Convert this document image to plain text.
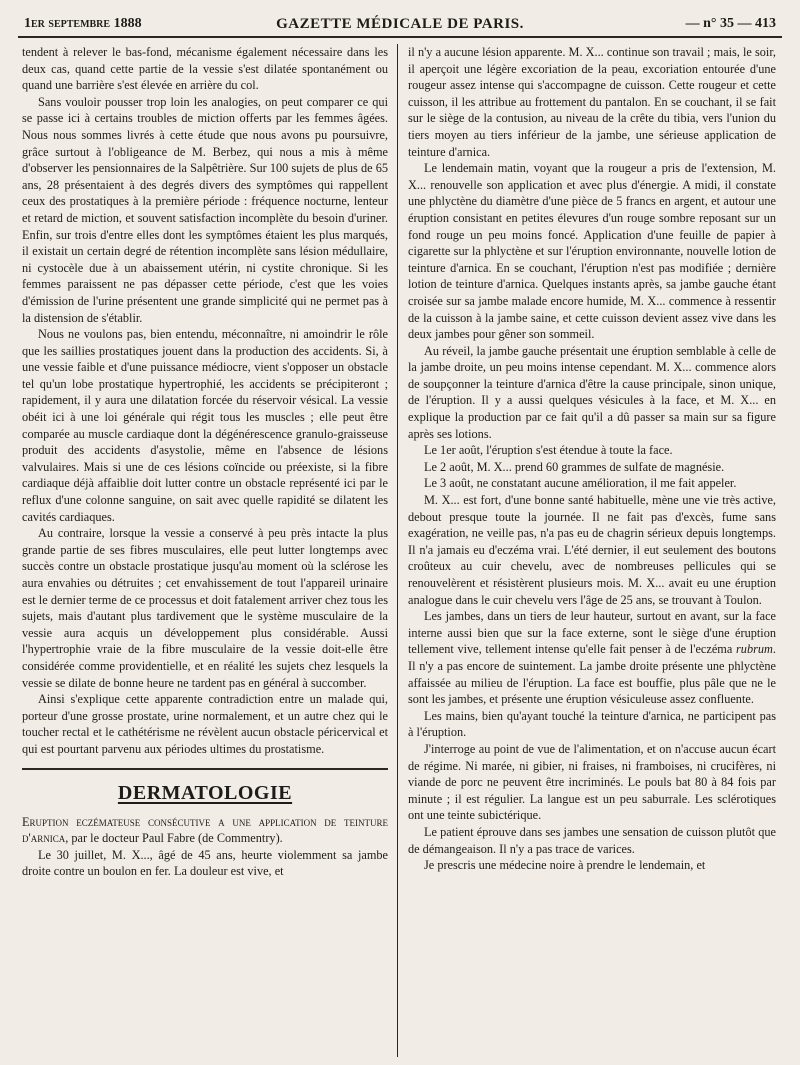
1er septembre 1888	GAZETTE MÉDICALE DE PARIS.	— n° 35 — 413

tendent à relever le bas-fond, mécanisme également nécessaire dans les deux cas, quand cette partie de la vessie s'est dilatée spontanément ou quand une barrière s'est élevée en arrière du col.

Sans vouloir pousser trop loin les analogies, on peut comparer ce qui se passe ici à certains troubles de miction offerts par les femmes âgées. Nous nous sommes livrés à cette étude que nous avons pu poursuivre, grâce surtout à l'obligeance de M. Berbez, qui nous a mis à même d'observer les pensionnaires de la Salpêtrière. Sur 100 sujets de plus de 65 ans, 28 présentaient à des degrés divers des symptômes qui rappellent ceux des prostatiques à la première période : fréquence nocturne, lenteur et retard de miction, et souvent satisfaction incomplète du besoin d'uriner. Enfin, sur trois d'entre elles dont les symptômes étaient les plus marqués, il existait un certain degré de rétention incomplète sans lésion médullaire, ni cystocèle due à un abaissement utérin, ni cystite chronique. Si les femmes paraissent ne pas dépasser cette période, c'est que les voies d'émission de l'urine présentent une grande simplicité qui ne permet pas à la distension de s'établir.

Nous ne voulons pas, bien entendu, méconnaître, ni amoindrir le rôle que les saillies prostatiques jouent dans la production des accidents. Si, à une vessie faible et d'une puissance médiocre, vient s'opposer un obstacle tel qu'un lobe prostatique hypertrophié, les accidents se précipiteront ; rapidement, il y aura une dilatation forcée du réservoir vésical. La vessie obéit ici à une loi générale qui régit tous les muscles ; elle peut être comparée au muscle cardiaque dont la dégénérescence granulo-graisseuse produit des accidents d'asystolie, même en l'absence de lésions valvulaires. Mais si une de ces lésions coïncide ou préexiste, si la fibre cardiaque déjà affaiblie doit lutter contre un obstacle représenté ici par le reflux d'une colonne sanguine, on sait avec quelle rapidité se dilatent les cavités cardiaques.

Au contraire, lorsque la vessie a conservé à peu près intacte la plus grande partie de ses fibres musculaires, elle peut lutter longtemps avec succès contre un obstacle prostatique jusqu'au moment où la sclérose les aura envahies ou détruites ; cet envahissement de tout l'appareil urinaire est le dernier terme de ce processus et doit fatalement arriver chez tous les sujets, mais d'autant plus tardivement que le système musculaire de la vessie aura acquis un développement plus considérable. Aussi l'hypertrophie vraie de la fibre musculaire de la vessie doit-elle être considérée comme providentielle, et en réalité les sujets chez lesquels la vessie se dilate de bonne heure ne tardent pas en général à succomber.

Ainsi s'explique cette apparente contradiction entre un malade qui, porteur d'une grosse prostate, urine normalement, et un autre chez qui le toucher rectal et le cathétérisme ne révèlent aucun obstacle péricervical et qui est pourtant parvenu aux périodes ultimes du prostatisme.

DERMATOLOGIE

Eruption eczémateuse consécutive a une application de teinture d'arnica, par le docteur Paul Fabre (de Commentry).

Le 30 juillet, M. X..., âgé de 45 ans, heurte violemment sa jambe droite contre un boulon en fer. La douleur est vive, et

il n'y a aucune lésion apparente. M. X... continue son travail ; mais, le soir, il aperçoit une légère excoriation de la peau, excoriation entourée d'une rougeur assez intense qui s'accompagne de cuisson. Cette rougeur et cette cuisson, il les attribue au frottement du pantalon. En se couchant, il se fait sur le siège de la contusion, au niveau de la crête du tibia, vers l'union du tiers moyen au tiers inférieur de la jambe, une sérieuse application de teinture d'arnica.

Le lendemain matin, voyant que la rougeur a pris de l'extension, M. X... renouvelle son application et avec plus d'énergie. A midi, il constate une phlyctène du diamètre d'une pièce de 5 francs en argent, et autour une éruption consistant en petites élevures d'un rouge sombre reposant sur un fond rouge un peu moins foncé. Application d'une feuille de papier à cigarette sur la phlyctène et sur l'éruption environnante, nouvelle lotion de teinture d'arnica. En se couchant, l'éruption n'est pas modifiée ; dernière lotion de teinture d'arnica. Quelques instants après, sa jambe gauche étant croisée sur sa jambe malade encore humide, M. X... commence à ressentir de la cuisson à la jambe saine, et cette cuisson devient assez vive dans les deux jambes pour gêner son sommeil.

Au réveil, la jambe gauche présentait une éruption semblable à celle de la jambe droite, un peu moins intense cependant. M. X... commence alors de soupçonner la teinture d'arnica d'être la cause principale, sinon unique, de l'éruption. Il y a aussi quelques vésicules à la face, et M. X... en explique la production par ce fait qu'il a dû passer sa main sur sa figure après ses lotions.

Le 1er août, l'éruption s'est étendue à toute la face.

Le 2 août, M. X... prend 60 grammes de sulfate de magnésie.

Le 3 août, ne constatant aucune amélioration, il me fait appeler.

M. X... est fort, d'une bonne santé habituelle, mène une vie très active, debout presque toute la journée. Il ne fait pas d'excès, fume sans exagération, ne veille pas, n'a pas eu de chagrin sérieux depuis longtemps. Il n'a jamais eu d'eczéma vrai. L'été dernier, il eut seulement des boutons croûteux au cuir chevelu, avec de nombreuses pellicules qui se renouvelèrent et résistèrent plusieurs mois. M. X... avait eu une éruption analogue dans le cuir chevelu vers l'âge de 25 ans, se trouvant à Toulon.

Les jambes, dans un tiers de leur hauteur, surtout en avant, sur la face interne aussi bien que sur la face externe, sont le siège d'une éruption tellement vive, tellement intense qu'elle fait penser à de l'eczéma rubrum. Il n'y a pas encore de suintement. La jambe droite présente une phlyctène affaissée au milieu de l'éruption. La face est bouffie, plus pâle que ne le sont les jambes, et présente une éruption vésiculeuse assez confluente.

Les mains, bien qu'ayant touché la teinture d'arnica, ne participent pas à l'éruption.

J'interroge au point de vue de l'alimentation, et on n'accuse aucun écart de régime. Ni marée, ni gibier, ni fraises, ni framboises, ni crucifères, ni viande de porc ne peuvent être incriminés. Le pouls bat 80 à 84 fois par minute ; il est régulier. La langue est un peu saburrale. Les sclérotiques ont une teinte subictérique.

Le patient éprouve dans ses jambes une sensation de cuisson plutôt que de démangeaison. Il n'y a pas trace de varices.

Je prescris une médecine noire à prendre le lendemain, et
